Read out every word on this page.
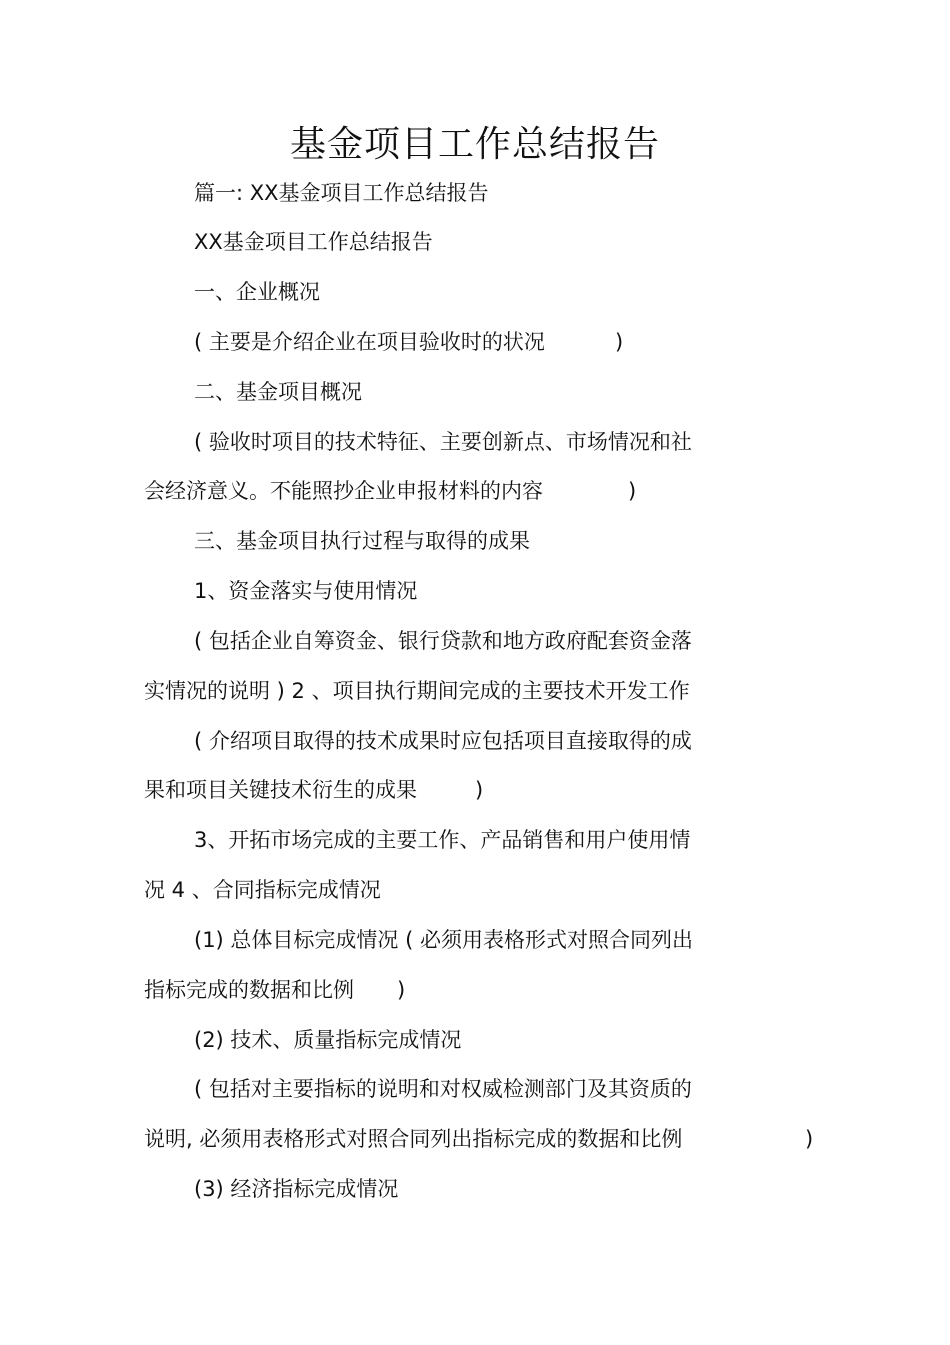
基金项目工作总结报告
篇一: XX基金项目工作总结报告
XX基金项目工作总结报告
一、企业概况
( 主要是介绍企业在项目验收时的状况	)
二、基金项目概况
( 验收时项目的技术特征、主要创新点、市场情况和社
会经济意义。不能照抄企业申报材料的内容	)
三、基金项目执行过程与取得的成果
1、资金落实与使用情况
( 包括企业自筹资金、银行贷款和地方政府配套资金落
实情况的说明 ) 2 、项目执行期间完成的主要技术开发工作
( 介绍项目取得的技术成果时应包括项目直接取得的成
果和项目关键技术衍生的成果	)
3、开拓市场完成的主要工作、产品销售和用户使用情
况 4 、合同指标完成情况
(1) 总体目标完成情况 ( 必须用表格形式对照合同列出
指标完成的数据和比例 )
(2) 技术、质量指标完成情况
( 包括对主要指标的说明和对权威检测部门及其资质的
说明, 必须用表格形式对照合同列出指标完成的数据和比例	)
(3) 经济指标完成情况
